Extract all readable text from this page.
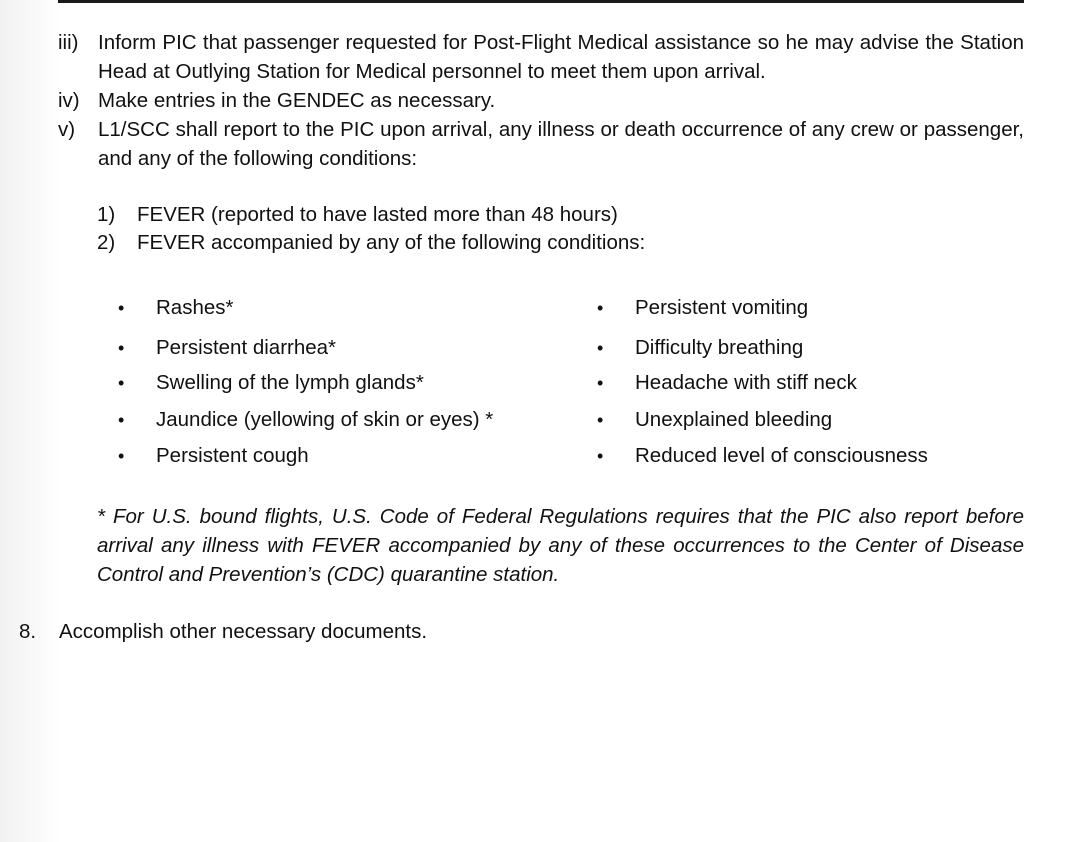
iii) Inform PIC that passenger requested for Post-Flight Medical assistance so he may advise the Station Head at Outlying Station for Medical personnel to meet them upon arrival.
iv) Make entries in the GENDEC as necessary.
v) L1/SCC shall report to the PIC upon arrival, any illness or death occurrence of any crew or passenger, and any of the following conditions:
1) FEVER (reported to have lasted more than 48 hours)
2) FEVER accompanied by any of the following conditions:
• Rashes*
• Persistent diarrhea*
• Swelling of the lymph glands*
• Jaundice (yellowing of skin or eyes) *
• Persistent cough
• Persistent vomiting
• Difficulty breathing
• Headache with stiff neck
• Unexplained bleeding
• Reduced level of consciousness
* For U.S. bound flights, U.S. Code of Federal Regulations requires that the PIC also report before arrival any illness with FEVER accompanied by any of these occurrences to the Center of Disease Control and Prevention’s (CDC) quarantine station.
8. Accomplish other necessary documents.
